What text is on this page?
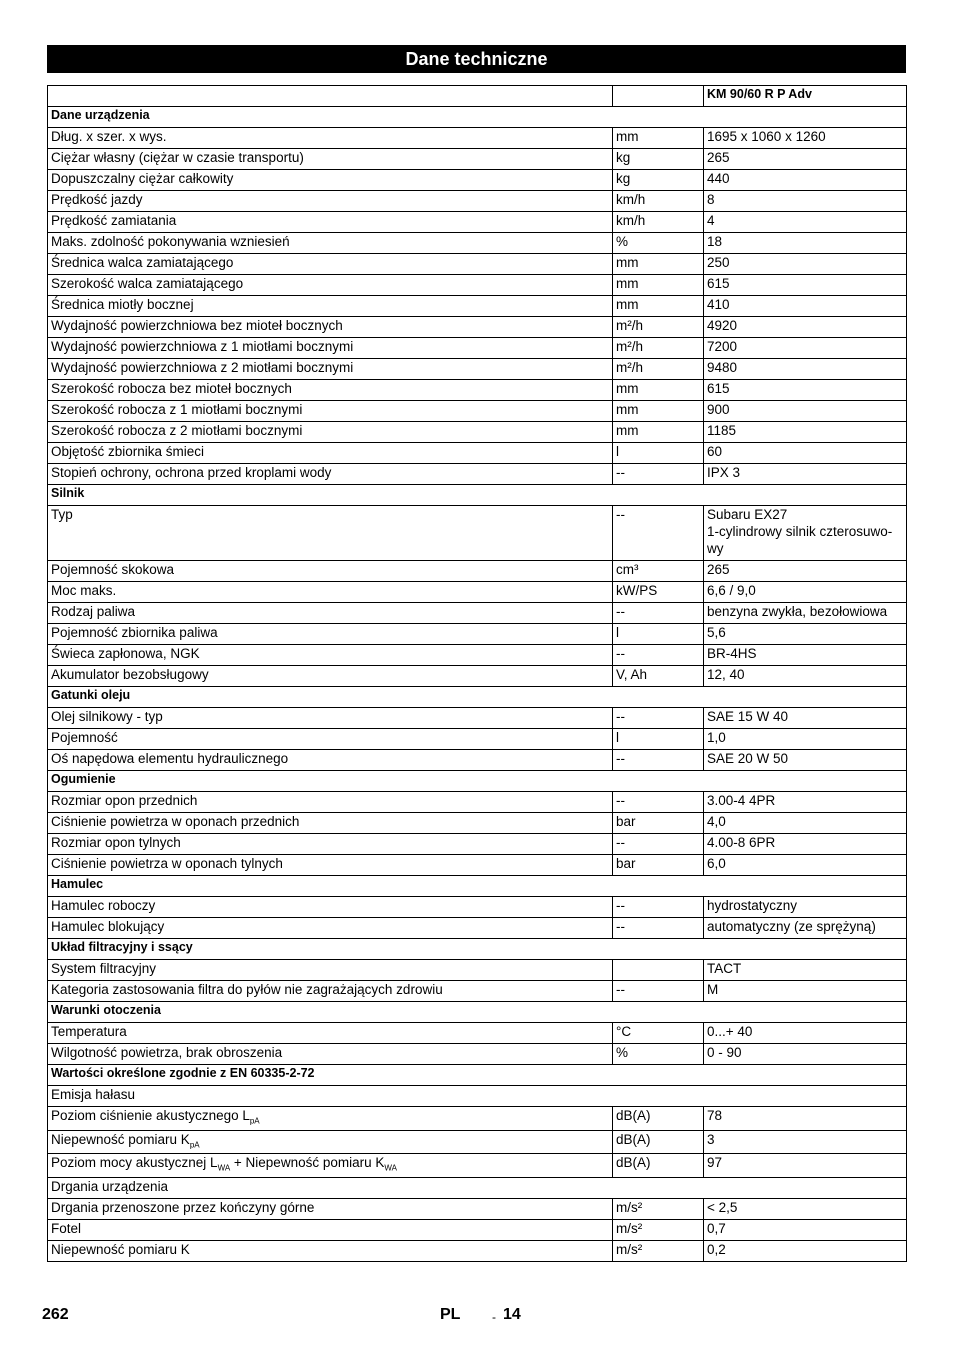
Dane techniczne
		KM 90/60 R P Adv
Dane urządzenia		
Dług. x szer. x wys.	mm	1695 x 1060 x 1260

Ciężar własny (ciężar w czasie transportu)	kg	265

Dopuszczalny ciężar całkowity	kg	440

Prędkość jazdy	km/h	8

Prędkość zamiatania	km/h	4

Maks. zdolność pokonywania wzniesień	%	18

Średnica walca zamiatającego	mm	250

Szerokość walca zamiatającego	mm	615

Średnica miotły bocznej	mm	410

Wydajność powierzchniowa bez mioteł bocznych	m²/h	4920

Wydajność powierzchniowa z 1 miotłami bocznymi	m²/h	7200

Wydajność powierzchniowa z 2 miotłami bocznymi	m²/h	9480

Szerokość robocza bez mioteł bocznych	mm	615

Szerokość robocza z 1 miotłami bocznymi	mm	900

Szerokość robocza z 2 miotłami bocznymi	mm	1185

Objętość zbiornika śmieci	l	60

Stopień ochrony, ochrona przed kroplami wody	--	IPX 3

Silnik		
Typ	--	Subaru EX27
1-cylindrowy silnik czterosuwo-
wy

Pojemność skokowa	cm³	265

Moc maks.	kW/PS	6,6 / 9,0

Rodzaj paliwa	--	benzyna zwykła, bezołowiowa

Pojemność zbiornika paliwa	l	5,6

Świeca zapłonowa, NGK	--	BR-4HS

Akumulator bezobsługowy	V, Ah	12, 40

Gatunki oleju		
Olej silnikowy - typ	--	SAE 15 W 40

Pojemność	l	1,0

Oś napędowa elementu hydraulicznego	--	SAE 20 W 50

Ogumienie		
Rozmiar opon przednich	--	3.00-4 4PR

Ciśnienie powietrza w oponach przednich	bar	4,0

Rozmiar opon tylnych	--	4.00-8 6PR

Ciśnienie powietrza w oponach tylnych	bar	6,0

Hamulec		
Hamulec roboczy	--	hydrostatyczny

Hamulec blokujący	--	automatyczny (ze sprężyną)

Układ filtracyjny i ssący		
System filtracyjny		TACT

Kategoria zastosowania filtra do pyłów nie zagrażających zdrowiu	--	M

Warunki otoczenia		
Temperatura	°C	0...+ 40

Wilgotność powietrza, brak obroszenia	%	0 - 90

Wartości określone zgodnie z EN 60335-2-72		
Emisja hałasu		
Poziom ciśnienie akustycznego $L_{pA}$	dB(A)	78

Niepewność pomiaru $K_{pA}$	dB(A)	3

Poziom mocy akustycznej $L_{WA}$ + Niepewność pomiaru $K_{WA}$	dB(A)	97

Drgania urządzenia		
Drgania przenoszone przez kończyny górne	m/s²	< 2,5

Fotel	m/s²	0,7

Niepewność pomiaru K	m/s²	0,2
262	PL	- 14
